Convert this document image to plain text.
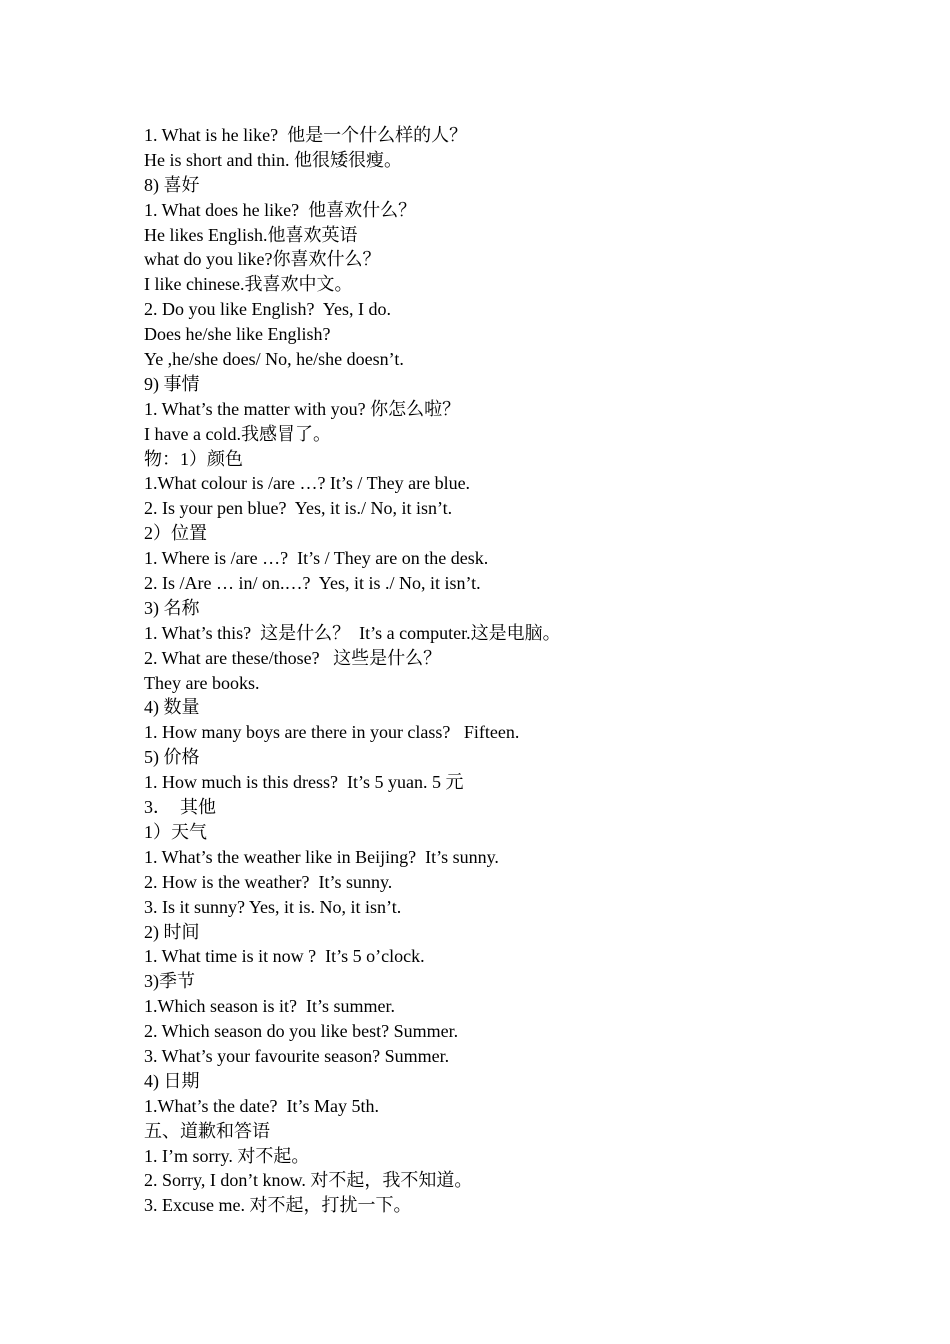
1. What is he like?  他是一个什么样的人？
He is short and thin. 他很矮很瘦。
8) 喜好
1. What does he like?  他喜欢什么？
He likes English.他喜欢英语
what do you like?你喜欢什么？
I like chinese.我喜欢中文。
2. Do you like English?  Yes, I do.
Does he/she like English?
Ye ,he/she does/ No, he/she doesn’t.
9) 事情
1. What’s the matter with you? 你怎么啦？
I have a cold.我感冒了。
物：1）颜色
1.What colour is /are …? It’s / They are blue.
2. Is your pen blue?  Yes, it is./ No, it isn’t.
2）位置
1. Where is /are …?  It’s / They are on the desk.
2. Is /Are … in/ on.…?  Yes, it is ./ No, it isn’t.
3) 名称
1. What’s this?  这是什么？  It’s a computer.这是电脑。
2. What are these/those?   这些是什么？
They are books.
4) 数量
1. How many boys are there in your class?   Fifteen.
5) 价格
1. How much is this dress?  It’s 5 yuan. 5 元
3．  其他
1）天气
1. What’s the weather like in Beijing?  It’s sunny.
2. How is the weather?  It’s sunny.
3. Is it sunny? Yes, it is. No, it isn’t.
2) 时间
1. What time is it now ?  It’s 5 o’clock.
3)季节
1.Which season is it?  It’s summer.
2. Which season do you like best? Summer.
3. What’s your favourite season? Summer.
4) 日期
1.What’s the date?  It’s May 5th.
五、道歉和答语
1. I’m sorry. 对不起。
2. Sorry, I don’t know. 对不起，我不知道。
3. Excuse me. 对不起，打扰一下。
